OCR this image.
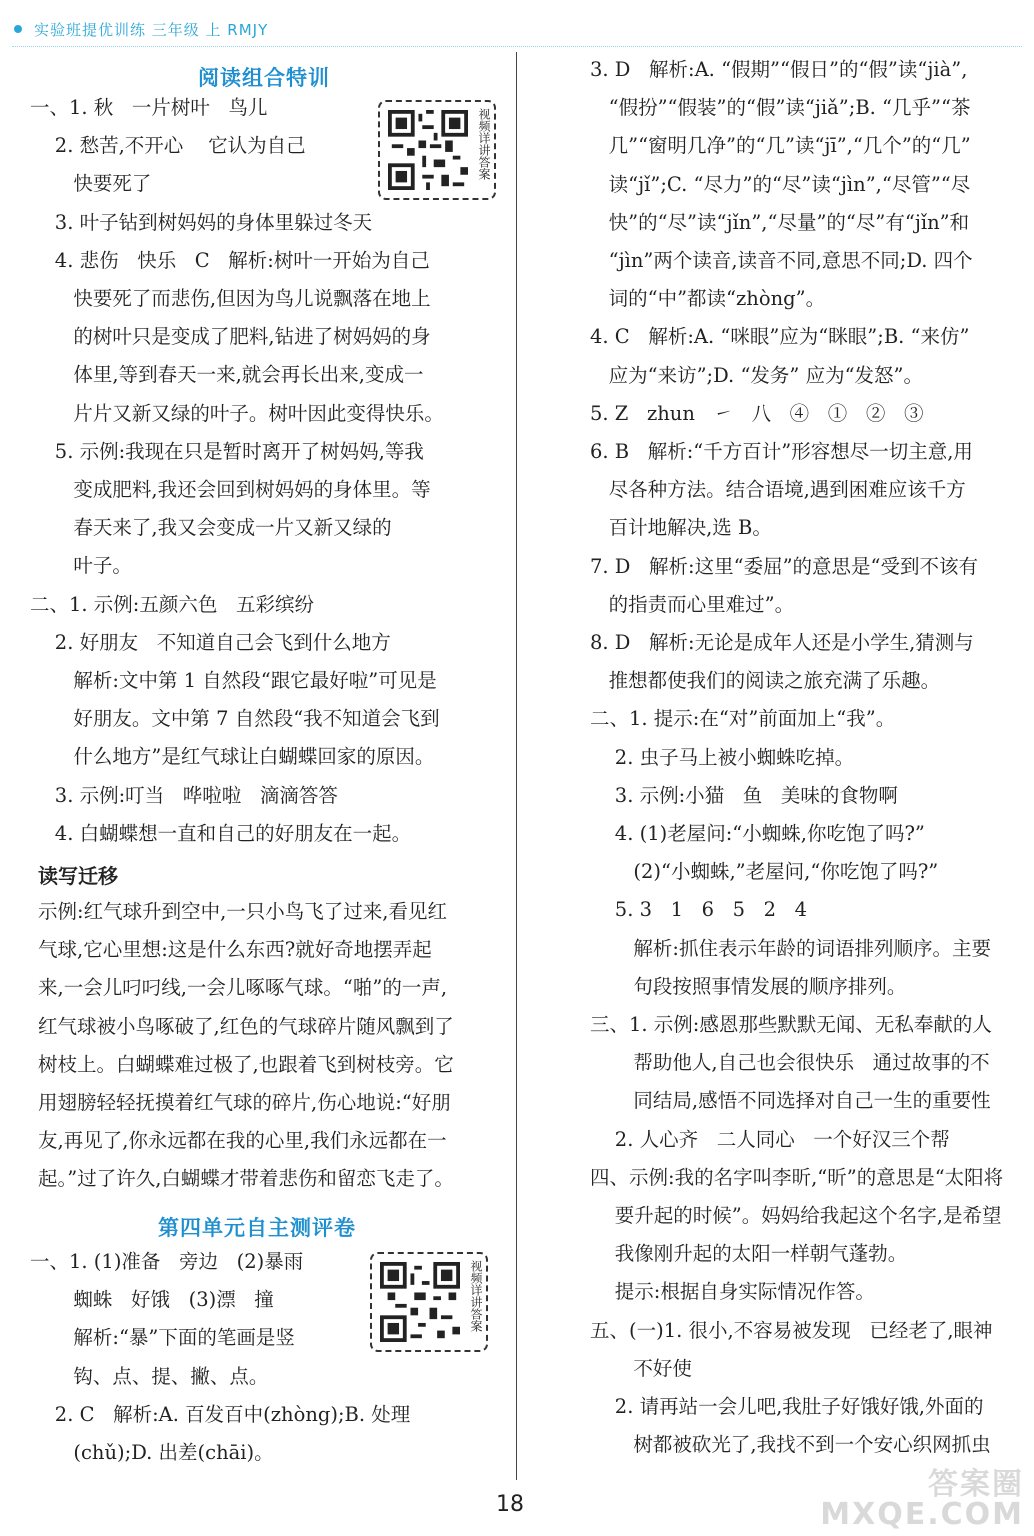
实验班提优训练 三年级 上 RMJY
阅读组合特训
一、1. 秋   一片树叶   鸟儿
2. 愁苦,不开心    它认为自己
快要死了
3. 叶子钻到树妈妈的身体里躲过冬天
4. 悲伤   快乐   C   解析:树叶一开始为自己
快要死了而悲伤,但因为鸟儿说飘落在地上
的树叶只是变成了肥料,钻进了树妈妈的身
体里,等到春天一来,就会再长出来,变成一
片片又新又绿的叶子。树叶因此变得快乐。
5. 示例:我现在只是暂时离开了树妈妈,等我
变成肥料,我还会回到树妈妈的身体里。等
春天来了,我又会变成一片又新又绿的
叶子。
二、1. 示例:五颜六色   五彩缤纷
2. 好朋友   不知道自己会飞到什么地方
解析:文中第 1 自然段“跟它最好啦”可见是
好朋友。文中第 7 自然段“我不知道会飞到
什么地方”是红气球让白蝴蝶回家的原因。
3. 示例:叮当   哗啦啦   滴滴答答
4. 白蝴蝶想一直和自己的好朋友在一起。
视频详讲答案
读写迁移
示例:红气球升到空中,一只小鸟飞了过来,看见红
气球,它心里想:这是什么东西?就好奇地摆弄起
来,一会儿叼叼线,一会儿啄啄气球。“啪”的一声,
红气球被小鸟啄破了,红色的气球碎片随风飘到了
树枝上。白蝴蝶难过极了,也跟着飞到树枝旁。它
用翅膀轻轻抚摸着红气球的碎片,伤心地说:“好朋
友,再见了,你永远都在我的心里,我们永远都在一
起。”过了许久,白蝴蝶才带着悲伤和留恋飞走了。
第四单元自主测评卷
视频详讲答案
一、1. (1)准备   旁边   (2)暴雨
蜘蛛   好饿   (3)漂   撞
解析:“暴”下面的笔画是竖
钩、点、提、撇、点。
2. C   解析:A. 百发百中(zhòng);B. 处理
(chǔ);D. 出差(chāi)。
3. D   解析:A. “假期”“假日”的“假”读“jià”,
“假扮”“假装”的“假”读“jiǎ”;B. “几乎”“茶
几”“窗明几净”的“几”读“jī”,“几个”的“几”
读“jǐ”;C. “尽力”的“尽”读“jìn”,“尽管”“尽
快”的“尽”读“jǐn”,“尽量”的“尽”有“jǐn”和
“jìn”两个读音,读音不同,意思不同;D. 四个
词的“中”都读“zhòng”。
4. C   解析:A. “咪眼”应为“眯眼”;B. “来仿”
应为“来访”;D. “发务” 应为“发怒”。
5. Z   zhun   ㇀   八   ④   ①   ②   ③
6. B   解析:“千方百计”形容想尽一切主意,用
尽各种方法。结合语境,遇到困难应该千方
百计地解决,选 B。
7. D   解析:这里“委屈”的意思是“受到不该有
的指责而心里难过”。
8. D   解析:无论是成年人还是小学生,猜测与
推想都使我们的阅读之旅充满了乐趣。
二、1. 提示:在“对”前面加上“我”。
2. 虫子马上被小蜘蛛吃掉。
3. 示例:小猫   鱼   美味的食物啊
4. (1)老屋问:“小蜘蛛,你吃饱了吗?”
(2)“小蜘蛛,”老屋问,“你吃饱了吗?”
5. 3   1   6   5   2   4
解析:抓住表示年龄的词语排列顺序。主要
句段按照事情发展的顺序排列。
三、1. 示例:感恩那些默默无闻、无私奉献的人
帮助他人,自己也会很快乐   通过故事的不
同结局,感悟不同选择对自己一生的重要性
2. 人心齐   二人同心   一个好汉三个帮
四、示例:我的名字叫李昕,“昕”的意思是“太阳将
要升起的时候”。妈妈给我起这个名字,是希望
我像刚升起的太阳一样朝气蓬勃。
提示:根据自身实际情况作答。
五、(一)1. 很小,不容易被发现   已经老了,眼神
不好使
2. 请再站一会儿吧,我肚子好饿好饿,外面的
树都被砍光了,我找不到一个安心织网抓虫
18
答案圈
MXQE.COM
